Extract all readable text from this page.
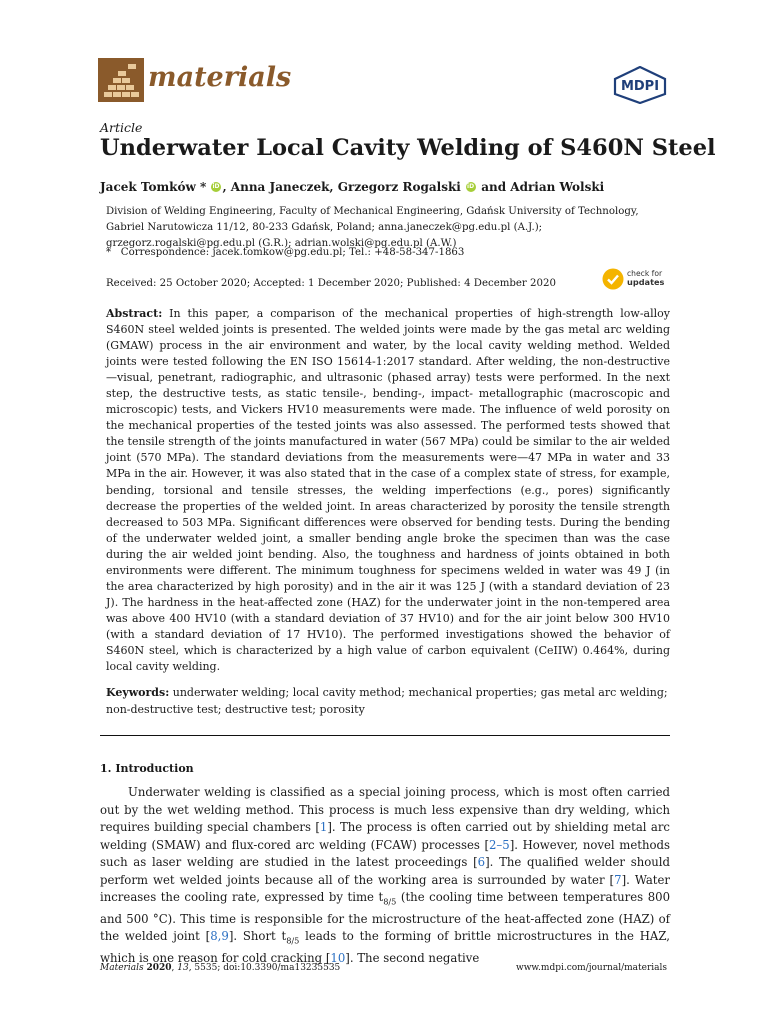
materials	MDPI
Article
Underwater Local Cavity Welding of S460N Steel
Jacek Tomków * iD , Anna Janeczek, Grzegorz Rogalski iD and Adrian Wolski
Division of Welding Engineering, Faculty of Mechanical Engineering, Gdańsk University of Technology, Gabriel Narutowicza 11/12, 80-233 Gdańsk, Poland; anna.janeczek@pg.edu.pl (A.J.); grzegorz.rogalski@pg.edu.pl (G.R.); adrian.wolski@pg.edu.pl (A.W.)
*   Correspondence: jacek.tomkow@pg.edu.pl; Tel.: +48-58-347-1863
Received: 25 October 2020; Accepted: 1 December 2020; Published: 4 December 2020
check for
updates
Abstract: In this paper, a comparison of the mechanical properties of high-strength low-alloy S460N steel welded joints is presented. The welded joints were made by the gas metal arc welding (GMAW) process in the air environment and water, by the local cavity welding method. Welded joints were tested following the EN ISO 15614-1:2017 standard. After welding, the non-destructive—visual, penetrant, radiographic, and ultrasonic (phased array) tests were performed. In the next step, the destructive tests, as static tensile-, bending-, impact- metallographic (macroscopic and microscopic) tests, and Vickers HV10 measurements were made. The influence of weld porosity on the mechanical properties of the tested joints was also assessed. The performed tests showed that the tensile strength of the joints manufactured in water (567 MPa) could be similar to the air welded joint (570 MPa). The standard deviations from the measurements were—47 MPa in water and 33 MPa in the air. However, it was also stated that in the case of a complex state of stress, for example, bending, torsional and tensile stresses, the welding imperfections (e.g., pores) significantly decrease the properties of the welded joint. In areas characterized by porosity the tensile strength decreased to 503 MPa. Significant differences were observed for bending tests. During the bending of the underwater welded joint, a smaller bending angle broke the specimen than was the case during the air welded joint bending. Also, the toughness and hardness of joints obtained in both environments were different. The minimum toughness for specimens welded in water was 49 J (in the area characterized by high porosity) and in the air it was 125 J (with a standard deviation of 23 J). The hardness in the heat-affected zone (HAZ) for the underwater joint in the non-tempered area was above 400 HV10 (with a standard deviation of 37 HV10) and for the air joint below 300 HV10 (with a standard deviation of 17 HV10). The performed investigations showed the behavior of S460N steel, which is characterized by a high value of carbon equivalent (CeIIW) 0.464%, during local cavity welding.
Keywords: underwater welding; local cavity method; mechanical properties; gas metal arc welding; non-destructive test; destructive test; porosity
1. Introduction

Underwater welding is classified as a special joining process, which is most often carried out by the wet welding method. This process is much less expensive than dry welding, which requires building special chambers [1]. The process is often carried out by shielding metal arc welding (SMAW) and flux-cored arc welding (FCAW) processes [2–5]. However, novel methods such as laser welding are studied in the latest proceedings [6]. The qualified welder should perform wet welded joints because all of the working area is surrounded by water [7]. Water increases the cooling rate, expressed by time $t_{8/5}$ (the cooling time between temperatures 800 and 500 °C). This time is responsible for the microstructure of the heat-affected zone (HAZ) of the welded joint [8,9]. Short $t_{8/5}$ leads to the forming of brittle microstructures in the HAZ, which is one reason for cold cracking [10]. The second negative

Materials 2020, 13, 5535; doi:10.3390/ma13235535	www.mdpi.com/journal/materials
